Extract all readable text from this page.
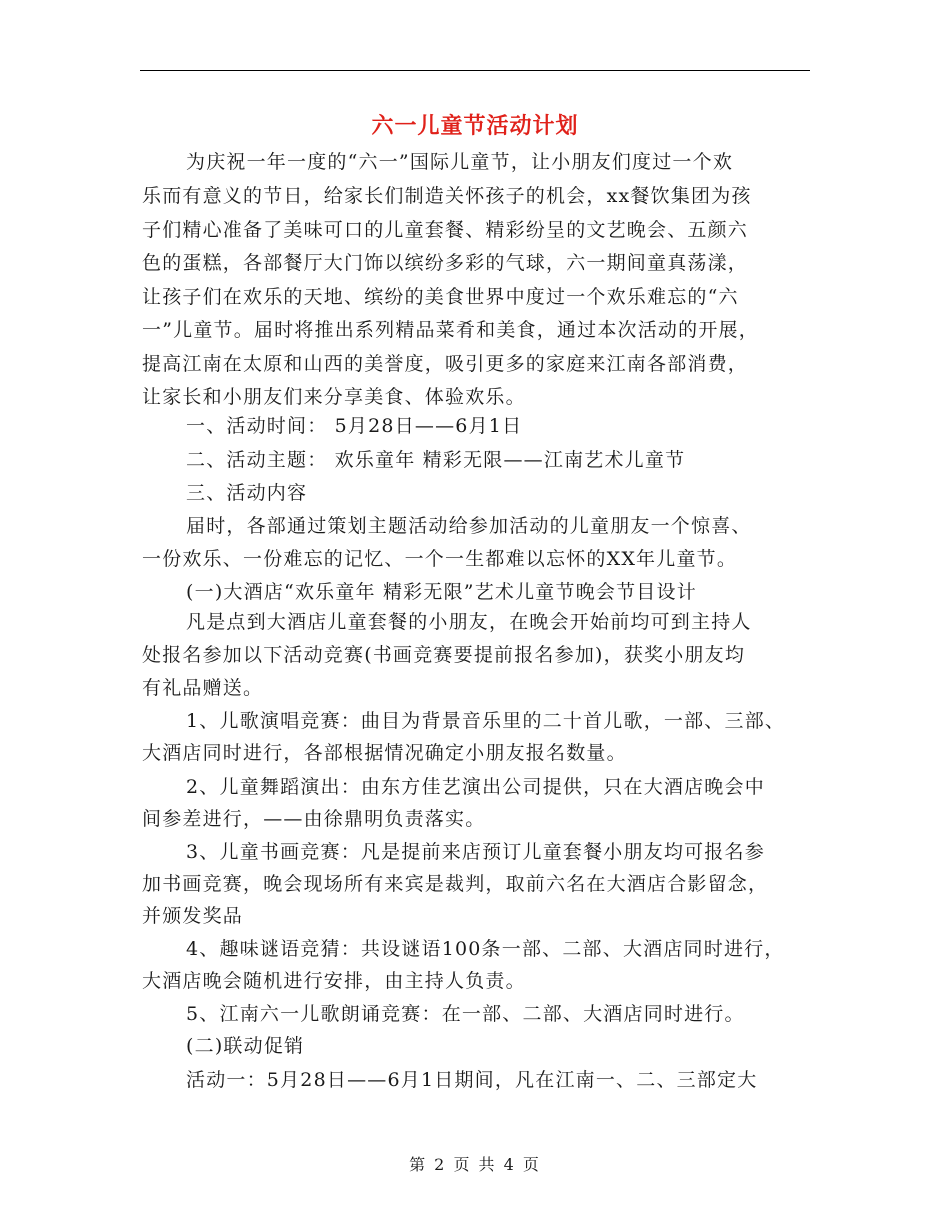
六一儿童节活动计划
为庆祝一年一度的“六一”国际儿童节，让小朋友们度过一个欢
乐而有意义的节日，给家长们制造关怀孩子的机会，xx餐饮集团为孩
子们精心准备了美味可口的儿童套餐、精彩纷呈的文艺晚会、五颜六
色的蛋糕，各部餐厅大门饰以缤纷多彩的气球，六一期间童真荡漾，
让孩子们在欢乐的天地、缤纷的美食世界中度过一个欢乐难忘的“六
一”儿童节。届时将推出系列精品菜肴和美食，通过本次活动的开展，
提高江南在太原和山西的美誉度，吸引更多的家庭来江南各部消费，
让家长和小朋友们来分享美食、体验欢乐。
一、活动时间： 5月28日——6月1日
二、活动主题： 欢乐童年 精彩无限——江南艺术儿童节
三、活动内容
届时，各部通过策划主题活动给参加活动的儿童朋友一个惊喜、
一份欢乐、一份难忘的记忆、一个一生都难以忘怀的XX年儿童节。
(一)大酒店“欢乐童年 精彩无限”艺术儿童节晚会节目设计
凡是点到大酒店儿童套餐的小朋友，在晚会开始前均可到主持人
处报名参加以下活动竞赛(书画竞赛要提前报名参加)，获奖小朋友均
有礼品赠送。
1、儿歌演唱竞赛：曲目为背景音乐里的二十首儿歌，一部、三部、
大酒店同时进行，各部根据情况确定小朋友报名数量。
2、儿童舞蹈演出：由东方佳艺演出公司提供，只在大酒店晚会中
间参差进行，——由徐鼎明负责落实。
3、儿童书画竞赛：凡是提前来店预订儿童套餐小朋友均可报名参
加书画竞赛，晚会现场所有来宾是裁判，取前六名在大酒店合影留念，
并颁发奖品
4、趣味谜语竞猜：共设谜语100条一部、二部、大酒店同时进行，
大酒店晚会随机进行安排，由主持人负责。
5、江南六一儿歌朗诵竞赛：在一部、二部、大酒店同时进行。
(二)联动促销
活动一：5月28日——6月1日期间，凡在江南一、二、三部定大
第 2 页 共 4 页
